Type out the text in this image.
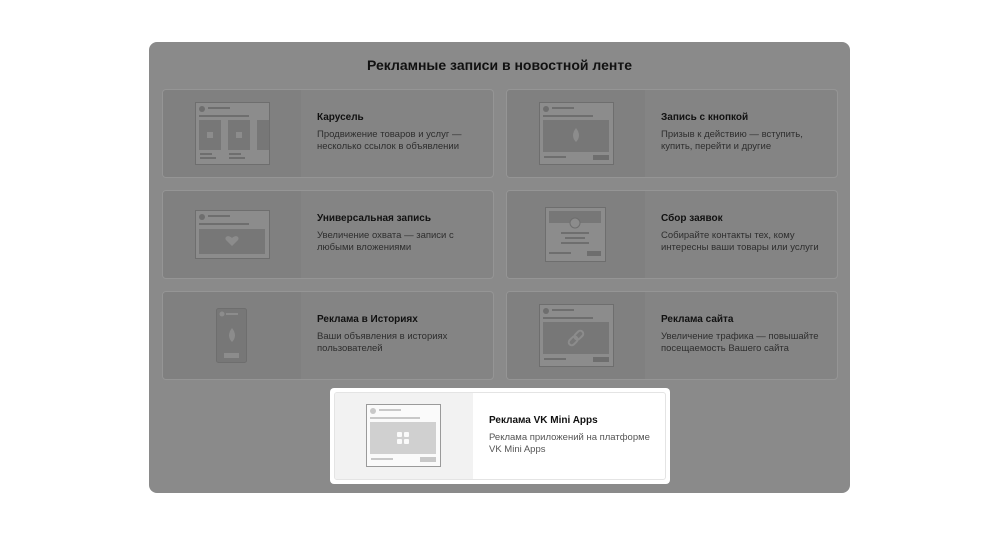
Рекламные записи в новостной ленте
Карусель
Продвижение товаров и услуг — несколько ссылок в объявлении
Запись с кнопкой
Призыв к действию — вступить, купить, перейти и другие
Универсальная запись
Увеличение охвата — записи с любыми вложениями
Сбор заявок
Собирайте контакты тех, кому интересны ваши товары или услуги
Реклама в Историях
Ваши объявления в историях пользователей
Реклама сайта
Увеличение трафика — повышайте посещаемость Вашего сайта
Реклама VK Mini Apps
Реклама приложений на платформе VK Mini Apps
